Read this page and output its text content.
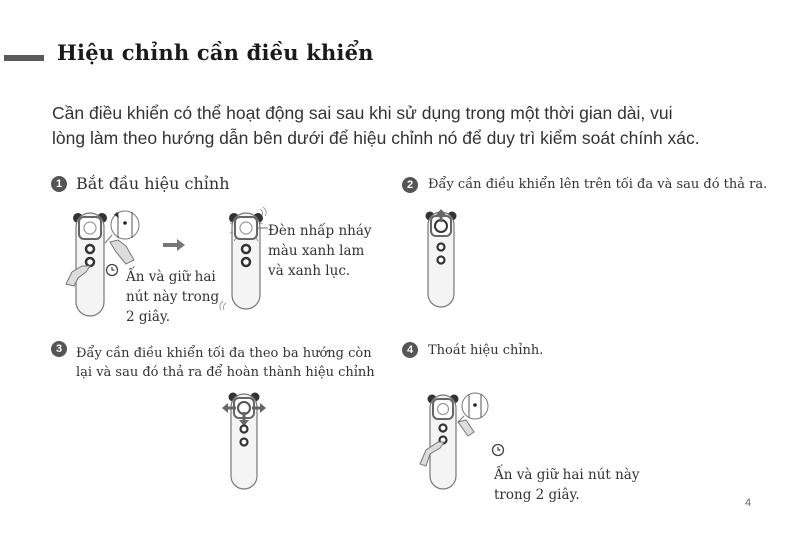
Hiệu chỉnh cần điều khiển
Cần điều khiển có thể hoạt động sai sau khi sử dụng trong một thời gian dài, vui
lòng làm theo hướng dẫn bên dưới để hiệu chỉnh nó để duy trì kiểm soát chính xác.
1 Bắt đầu hiệu chỉnh
Ấn và giữ hai
nút này trong
2 giây.
Đèn nhấp nháy
màu xanh lam
và xanh lục.
2	Đẩy cần điều khiển lên trên tối đa và sau đó thả ra.
3	Đẩy cần điều khiển tối đa theo ba hướng còn
lại và sau đó thả ra để hoàn thành hiệu chỉnh
4	Thoát hiệu chỉnh.
Ấn và giữ hai nút này
trong 2 giây.	4
